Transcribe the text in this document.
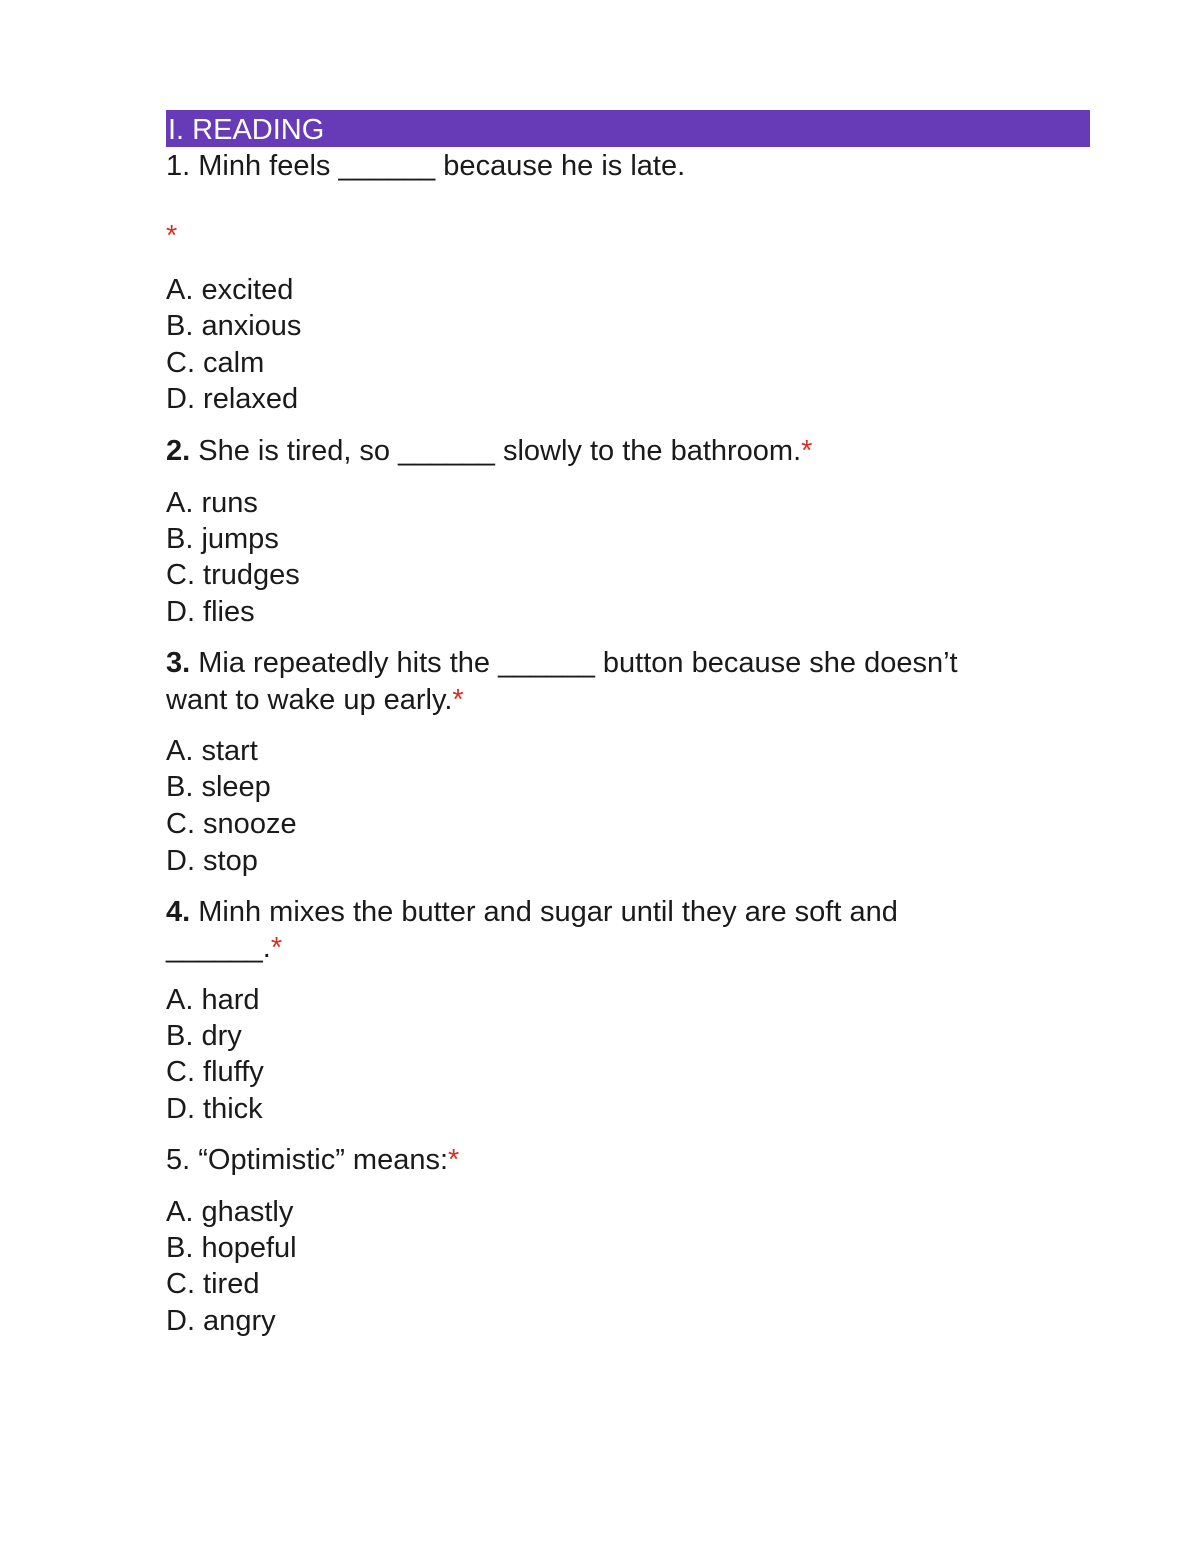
I. READING
1. Minh feels ______ because he is late.
*
A. excited
B. anxious
C. calm
D. relaxed
2. She is tired, so ______ slowly to the bathroom.*
A. runs
B. jumps
C. trudges
D. flies
3. Mia repeatedly hits the ______ button because she doesn’t
want to wake up early.*
A. start
B. sleep
C. snooze
D. stop
4. Minh mixes the butter and sugar until they are soft and
______.*
A. hard
B. dry
C. fluffy
D. thick
5. “Optimistic” means:*
A. ghastly
B. hopeful
C. tired
D. angry
